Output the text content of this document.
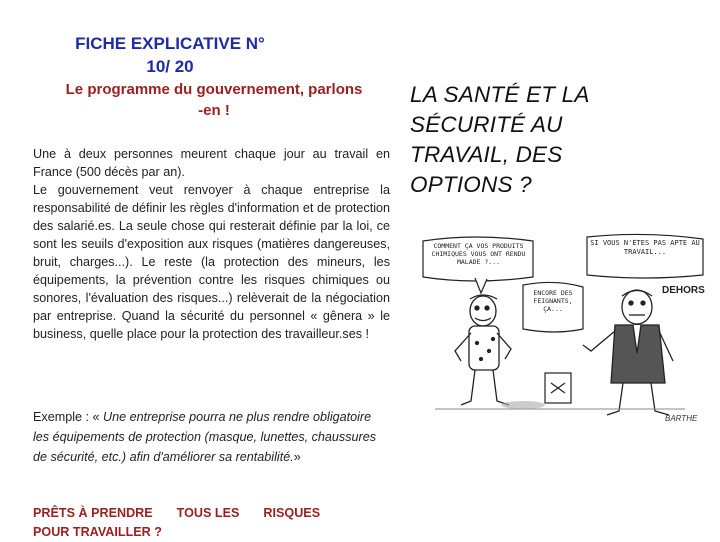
FICHE EXPLICATIVE N°
10/ 20
Le programme du gouvernement, parlons
-en !
LA SANTÉ ET LA
SÉCURITÉ AU
TRAVAIL, DES
OPTIONS ?

Une à deux personnes meurent chaque jour au travail en France (500 décès par an).

Le gouvernement veut renvoyer à chaque entreprise la responsabilité de définir les règles d'information et de protection des salarié.es. La seule chose qui resterait définie par la loi, ce sont les seuils d'exposition aux risques (matières dangereuses, bruit, charges...). Le reste (la protection des mineurs, les équipements, la prévention contre les risques chimiques ou sonores, l'évaluation des risques...) relèverait de la négociation par entreprise. Quand la sécurité du personnel « gênera » le business, quelle place pour la protection des travailleur.ses !

Exemple : « Une entreprise pourra ne plus rendre obligatoire les équipements de protection (masque, lunettes, chaussures de sécurité, etc.) afin d'améliorer sa rentabilité.»
PRÊTS À PRENDRE TOUS LES RISQUES
POUR TRAVAILLER ?
COMMENT ÇA VOS PRODUITS CHIMIQUES VOUS ONT RENDU MALADE ?...
ENCORE DES FEIGNANTS, ÇA...
SI VOUS N'ÊTES PAS APTE AU TRAVAIL...
DEHORS
BARTHE
